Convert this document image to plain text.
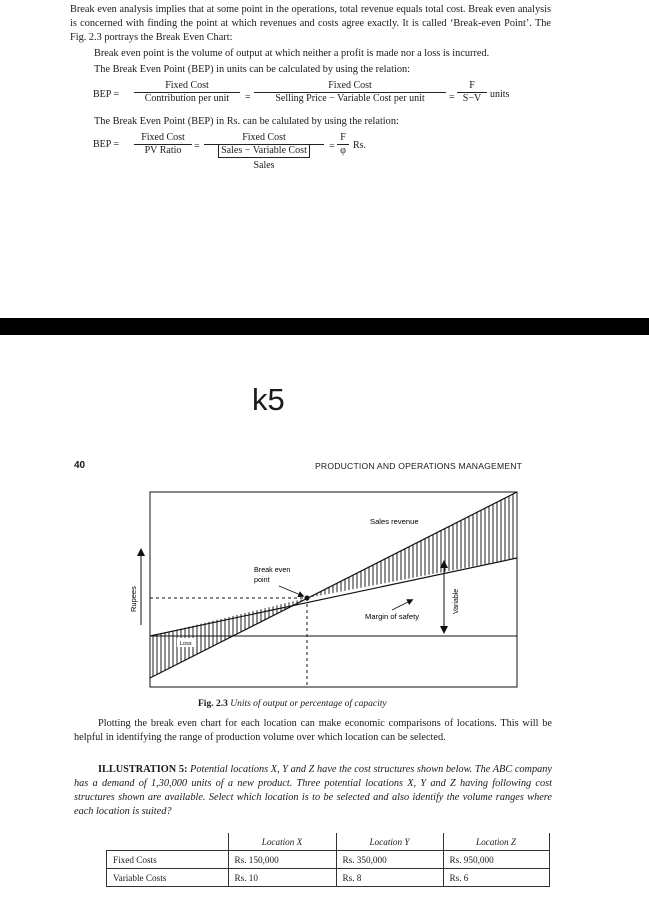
Break even analysis implies that at some point in the operations, total revenue equals total cost. Break even analysis is concerned with finding the point at which revenues and costs agree exactly. It is called ‘Break-even Point’. The Fig. 2.3 portrays the Break Even Chart:
Break even point is the volume of output at which neither a profit is made nor a loss is incurred.
The Break Even Point (BEP) in units can be calculated by using the relation:
BEP =
Fixed Cost
Contribution per unit	=
Fixed Cost
Selling Price − Variable Cost per unit	= $\frac{F}{S-V}$ units
The Break Even Point (BEP) in Rs. can be calulated by using the relation:
BEP =
Fixed Cost
PV Ratio	=
Fixed Cost
Sales − Variable Cost
Sales
= $\frac{F}{\varphi} Rs$.
k5
40	PRODUCTION AND OPERATIONS MANAGEMENT
Sales revenue
Break even
point
Margin of safety
Loss
Variable
Rupees
Fig. 2.3 Units of output or percentage of capacity
Plotting the break even chart for each location can make economic comparisons of locations. This will be helpful in identifying the range of production volume over which location can be selected.
ILLUSTRATION 5: Potential locations X, Y and Z have the cost structures shown below. The ABC company has a demand of 1,30,000 units of a new product. Three potential locations X, Y and Z having following cost structures shown are available. Select which location is to be selected and also identify the volume ranges where each location is suited?
	Location X	Location Y	Location Z
Fixed Costs	Rs. 150,000	Rs. 350,000	Rs. 950,000
Variable Costs	Rs. 10	Rs. 8	Rs. 6
